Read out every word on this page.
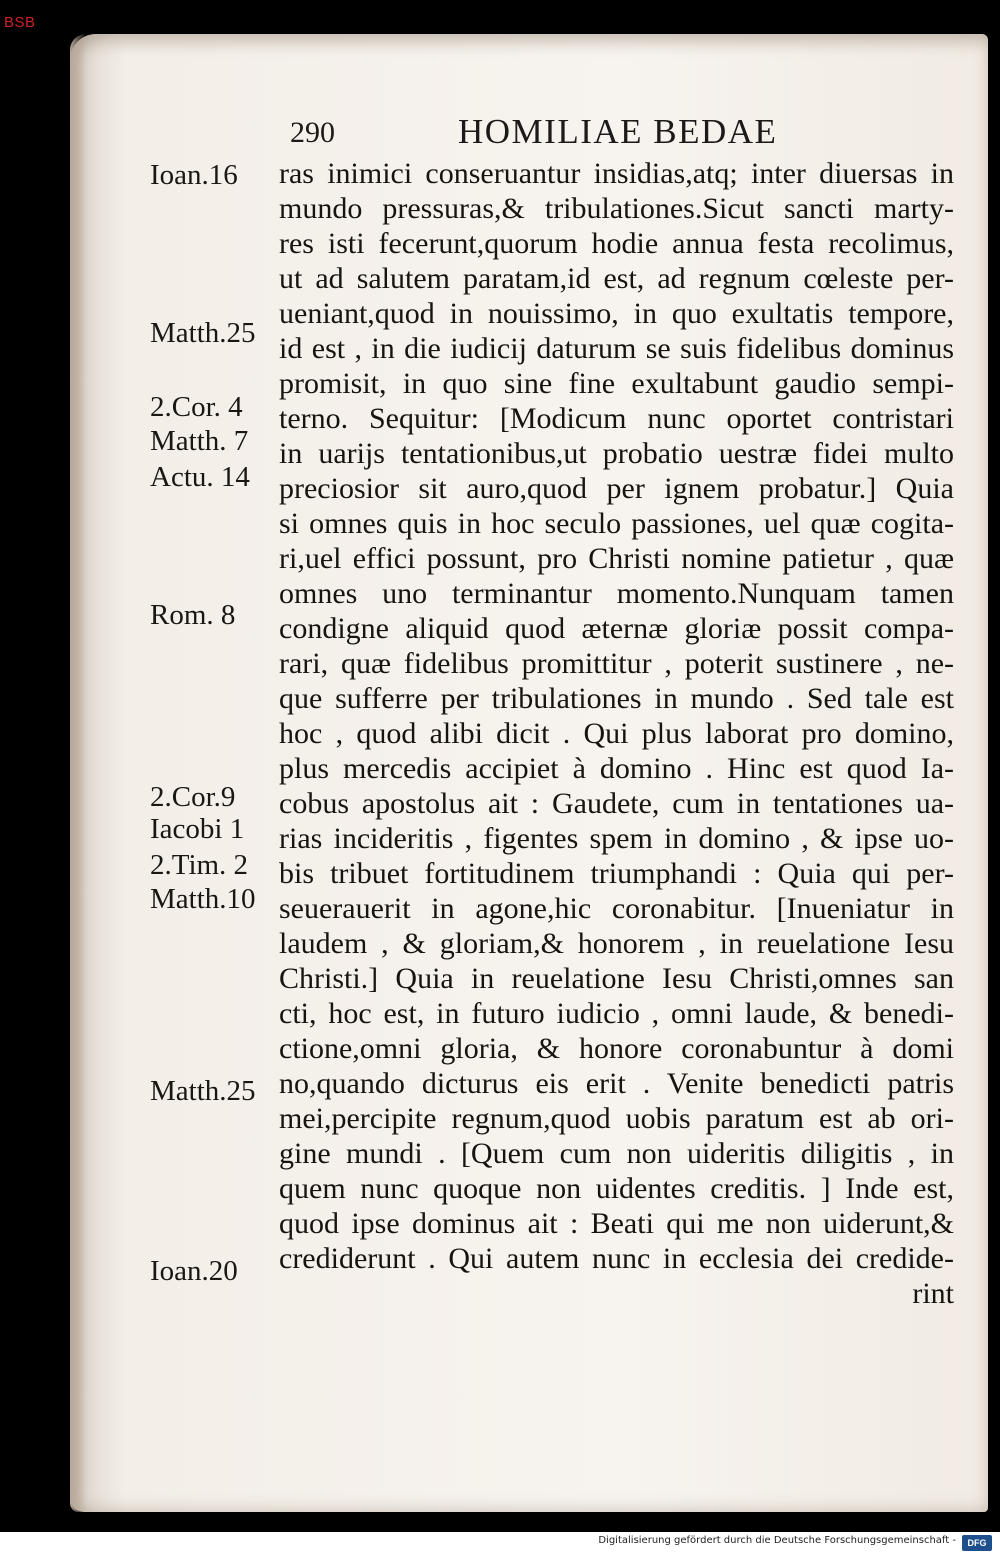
BSB
290	HOMILIAE BEDAE
Ioan.16
Matth.25
2.Cor. 4
Matth. 7
Actu. 14
Rom. 8
2.Cor.9
Iacobi 1
2.Tim. 2
Matth.10
Matth.25
Ioan.20
ras inimici conseruantur insidias,atq; inter diuersas in
mundo pressuras,& tribulationes.Sicut sancti marty-
res isti fecerunt,quorum hodie annua festa recolimus,
ut ad salutem paratam,id est, ad regnum cœleste per-
ueniant,quod in nouissimo, in quo exultatis tempore,
id est , in die iudicij daturum se suis fidelibus dominus
promisit, in quo sine fine exultabunt gaudio sempi-
terno. Sequitur: [Modicum nunc oportet contristari
in uarijs tentationibus,ut probatio uestræ fidei multo
preciosior sit auro,quod per ignem probatur.] Quia
si omnes quis in hoc seculo passiones, uel quæ cogita-
ri,uel effici possunt, pro Christi nomine patietur , quæ
omnes uno terminantur momento.Nunquam tamen
condigne aliquid quod æternæ gloriæ possit compa-
rari, quæ fidelibus promittitur , poterit sustinere , ne-
que sufferre per tribulationes in mundo . Sed tale est
hoc , quod alibi dicit . Qui plus laborat pro domino,
plus mercedis accipiet à domino . Hinc est quod Ia-
cobus apostolus ait : Gaudete, cum in tentationes ua-
rias incideritis , figentes spem in domino , & ipse uo-
bis tribuet fortitudinem triumphandi : Quia qui per-
seuerauerit in agone,hic coronabitur. [Inueniatur in
laudem , & gloriam,& honorem , in reuelatione Iesu
Christi.] Quia in reuelatione Iesu Christi,omnes san
cti, hoc est, in futuro iudicio , omni laude, & benedi-
ctione,omni gloria, & honore coronabuntur à domi
no,quando dicturus eis erit . Venite benedicti patris
mei,percipite regnum,quod uobis paratum est ab ori-
gine mundi . [Quem cum non uideritis diligitis , in
quem nunc quoque non uidentes creditis. ] Inde est,
quod ipse dominus ait : Beati qui me non uiderunt,&
crediderunt . Qui autem nunc in ecclesia dei credide-
rint
Digitalisierung gefördert durch die Deutsche Forschungsgemeinschaft -	DFG
